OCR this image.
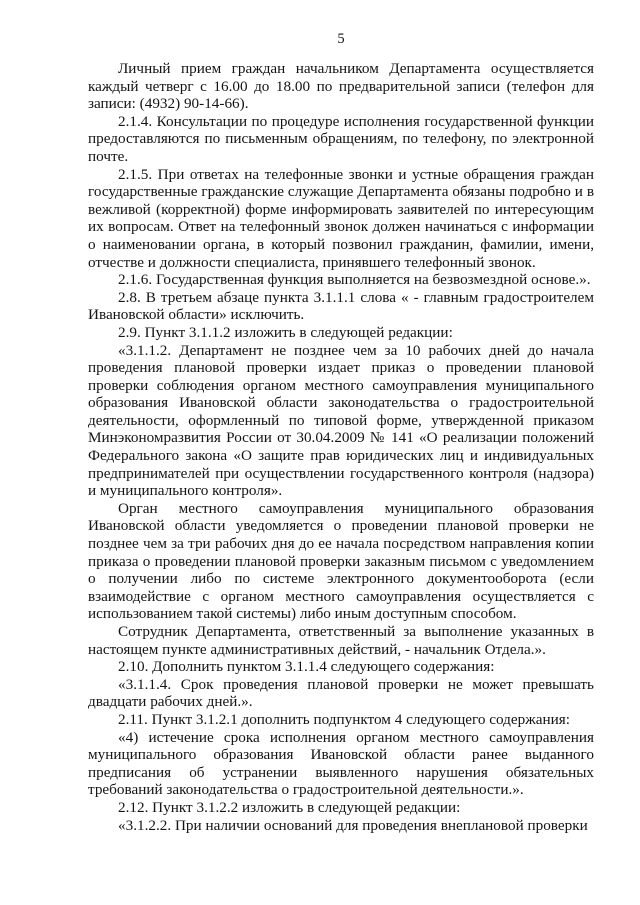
5

Личный прием граждан начальником Департамента осуществляется каждый четверг с 16.00 до 18.00 по предварительной записи (телефон для записи: (4932) 90-14-66).

2.1.4. Консультации по процедуре исполнения государственной функции предоставляются по письменным обращениям, по телефону, по электронной почте.

2.1.5. При ответах на телефонные звонки и устные обращения граждан государственные гражданские служащие Департамента обязаны подробно и в вежливой (корректной) форме информировать заявителей по интересующим их вопросам. Ответ на телефонный звонок должен начинаться с информации о наименовании органа, в который позвонил гражданин, фамилии, имени, отчестве и должности специалиста, принявшего телефонный звонок.

2.1.6. Государственная функция выполняется на безвозмездной основе.».

2.8. В третьем абзаце пункта 3.1.1.1 слова « - главным градостроителем Ивановской области» исключить.

2.9. Пункт 3.1.1.2 изложить в следующей редакции:

«3.1.1.2. Департамент не позднее чем за 10 рабочих дней до начала проведения плановой проверки издает приказ о проведении плановой проверки соблюдения органом местного самоуправления муниципального образования Ивановской области законодательства о градостроительной деятельности, оформленный по типовой форме, утвержденной приказом Минэкономразвития России от 30.04.2009 № 141 «О реализации положений Федерального закона «О защите прав юридических лиц и индивидуальных предпринимателей при осуществлении государственного контроля (надзора) и муниципального контроля».

Орган местного самоуправления муниципального образования Ивановской области уведомляется о проведении плановой проверки не позднее чем за три рабочих дня до ее начала посредством направления копии приказа о проведении плановой проверки заказным письмом с уведомлением о получении либо по системе электронного документооборота (если взаимодействие с органом местного самоуправления осуществляется с использованием такой системы) либо иным доступным способом.

Сотрудник Департамента, ответственный за выполнение указанных в настоящем пункте административных действий, - начальник Отдела.».

2.10. Дополнить пунктом 3.1.1.4 следующего содержания:

«3.1.1.4. Срок проведения плановой проверки не может превышать двадцати рабочих дней.».

2.11. Пункт 3.1.2.1 дополнить подпунктом 4 следующего содержания:

«4) истечение срока исполнения органом местного самоуправления муниципального образования Ивановской области ранее выданного предписания об устранении выявленного нарушения обязательных требований законодательства о градостроительной деятельности.».

2.12. Пункт 3.1.2.2 изложить в следующей редакции:

«3.1.2.2. При наличии оснований для проведения внеплановой проверки
